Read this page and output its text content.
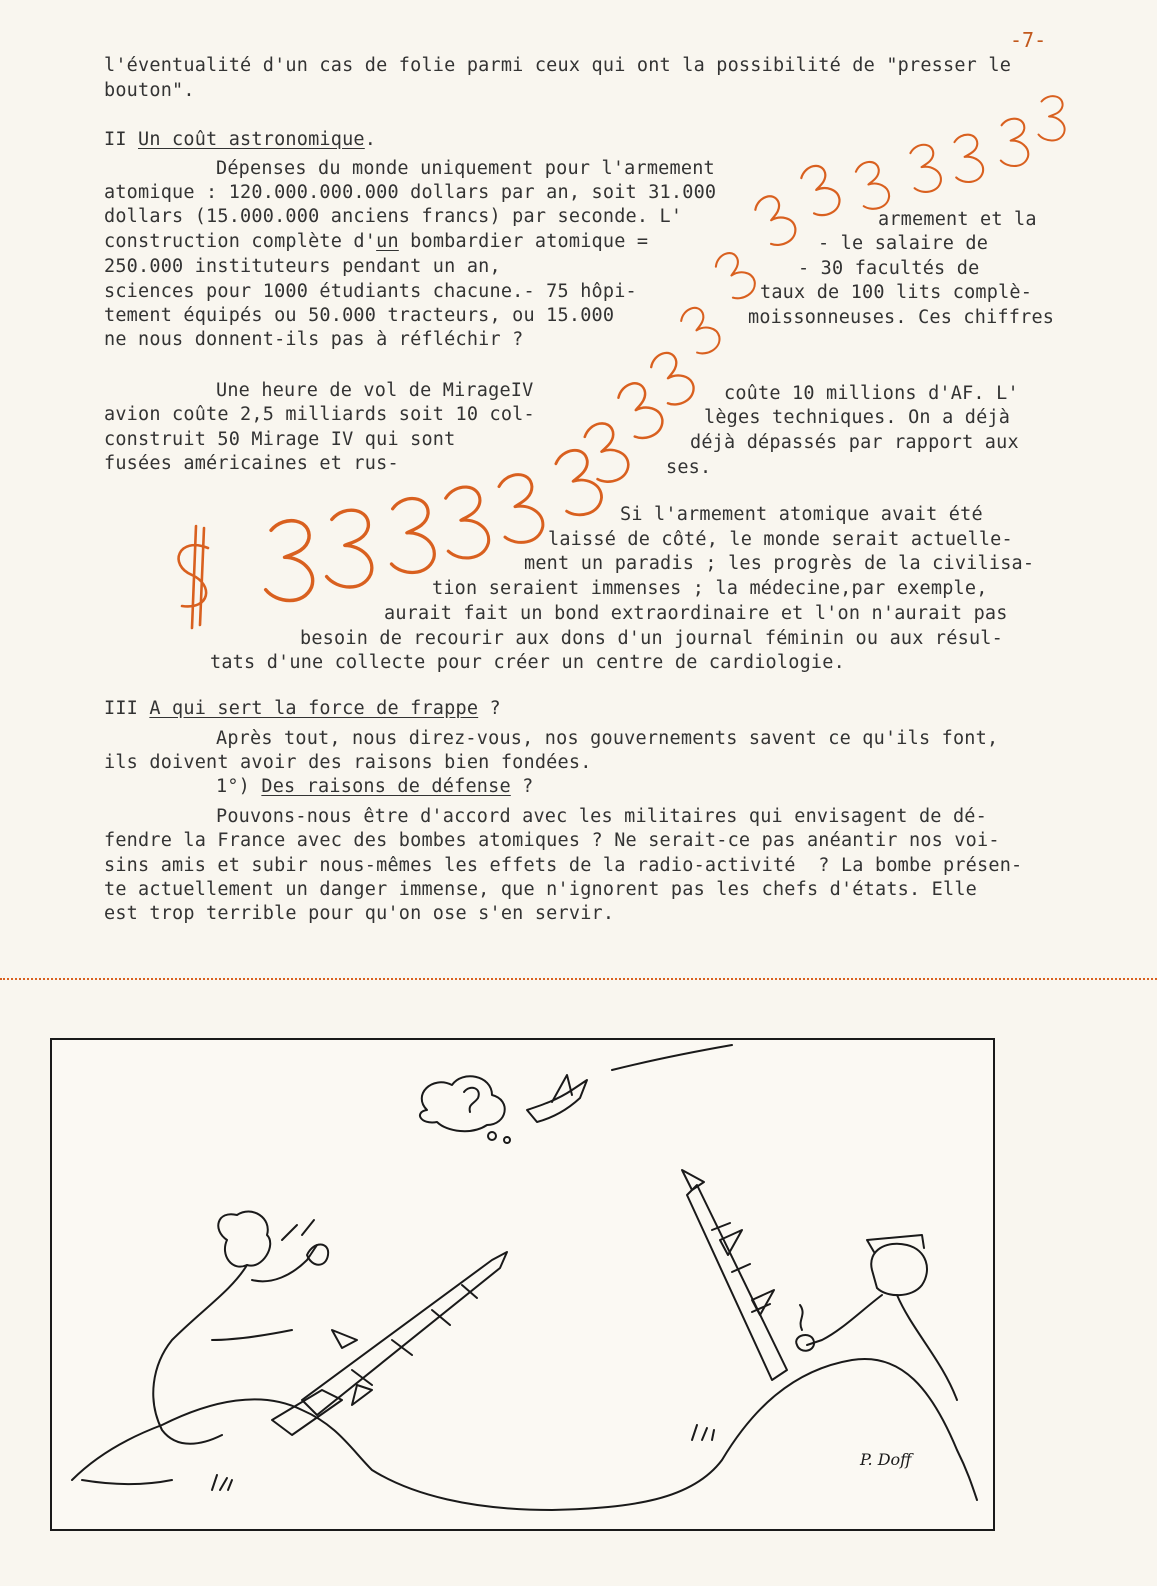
-7-
l'éventualité d'un cas de folie parmi ceux qui ont la possibilité de "presser le
bouton".
II Un coût astronomique.
Dépenses du monde uniquement pour l'armement
atomique : 120.000.000.000 dollars par an, soit 31.000
dollars (15.000.000 anciens francs) par seconde. L'	armement et la
construction complète d'un bombardier atomique =	- le salaire de
250.000 instituteurs pendant un an,	- 30 facultés de
sciences pour 1000 étudiants chacune.- 75 hôpi-	taux de 100 lits complè-
tement équipés ou 50.000 tracteurs, ou 15.000	moissonneuses. Ces chiffres
ne nous donnent-ils pas à réfléchir ?
Une heure de vol de MirageIV	coûte 10 millions d'AF. L'
avion coûte 2,5 milliards soit 10 col-	lèges techniques. On a déjà
construit 50 Mirage IV qui sont	déjà dépassés par rapport aux
fusées américaines et rus-	ses.
Si l'armement atomique avait été
laissé de côté, le monde serait actuelle-
ment un paradis ; les progrès de la civilisa-
tion seraient immenses ; la médecine,par exemple,
aurait fait un bond extraordinaire et l'on n'aurait pas
besoin de recourir aux dons d'un journal féminin ou aux résul-
tats d'une collecte pour créer un centre de cardiologie.
III A qui sert la force de frappe ?
Après tout, nous direz-vous, nos gouvernements savent ce qu'ils font,
ils doivent avoir des raisons bien fondées.
1°) Des raisons de défense ?
Pouvons-nous être d'accord avec les militaires qui envisagent de dé-
fendre la France avec des bombes atomiques ? Ne serait-ce pas anéantir nos voi-
sins amis et subir nous-mêmes les effets de la radio-activité  ? La bombe présen-
te actuellement un danger immense, que n'ignorent pas les chefs d'états. Elle
est trop terrible pour qu'on ose s'en servir.
P. Doff
